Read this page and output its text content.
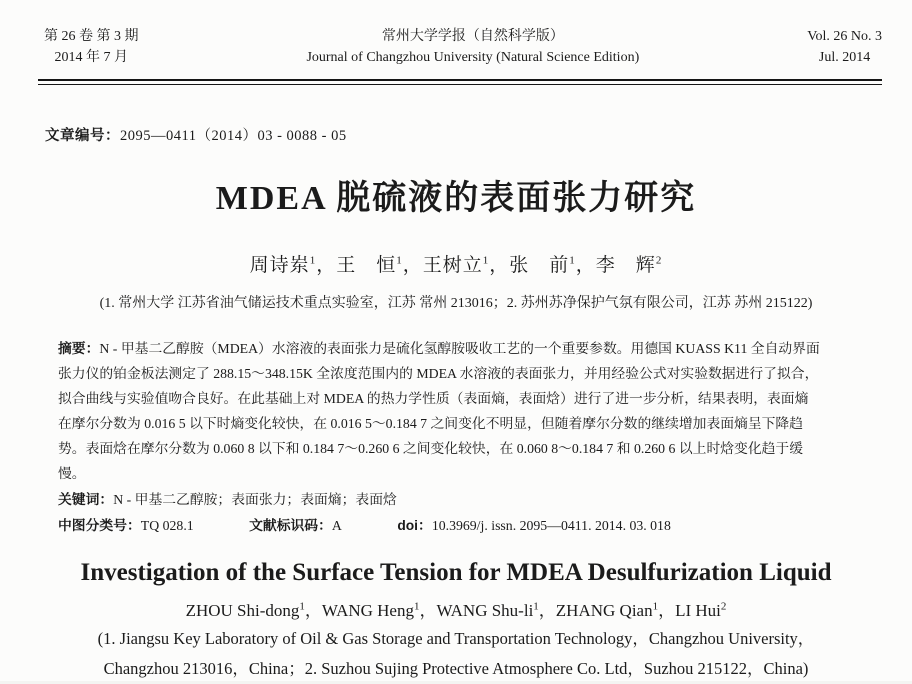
第 26 卷 第 3 期
2014 年 7 月
常州大学学报（自然科学版）
Journal of Changzhou University (Natural Science Edition)
Vol. 26 No. 3
Jul. 2014
文章编号：2095—0411（2014）03 - 0088 - 05
MDEA 脱硫液的表面张力研究
周诗岽$^1$，王　恒$^1$，王树立$^1$，张　前$^1$，李　辉$^2$
(1. 常州大学 江苏省油气储运技术重点实验室，江苏 常州 213016；2. 苏州苏净保护气氛有限公司，江苏 苏州 215122)
摘要：N - 甲基二乙醇胺（MDEA）水溶液的表面张力是硫化氢醇胺吸收工艺的一个重要参数。用德国 KUASS K11 全自动界面
张力仪的铂金板法测定了 288.15～348.15K 全浓度范围内的 MDEA 水溶液的表面张力，并用经验公式对实验数据进行了拟合，
拟合曲线与实验值吻合良好。在此基础上对 MDEA 的热力学性质（表面熵，表面焓）进行了进一步分析，结果表明，表面熵
在摩尔分数为 0.016 5 以下时熵变化较快，在 0.016 5～0.184 7 之间变化不明显，但随着摩尔分数的继续增加表面熵呈下降趋
势。表面焓在摩尔分数为 0.060 8 以下和 0.184 7～0.260 6 之间变化较快，在 0.060 8～0.184 7 和 0.260 6 以上时焓变化趋于缓
慢。
关键词：N - 甲基二乙醇胺；表面张力；表面熵；表面焓
中图分类号：TQ 028.1	文献标识码：A	doi：10.3969/j. issn. 2095—0411. 2014. 03. 018
Investigation of the Surface Tension for MDEA Desulfurization Liquid
ZHOU Shi-dong$^1$，WANG Heng$^1$，WANG Shu-$li^1$，ZHANG Qian$^1$，LI Hui$^2$
(1. Jiangsu Key Laboratory of Oil & Gas Storage and Transportation Technology，Changzhou University，
Changzhou 213016，China；2. Suzhou Sujing Protective Atmosphere Co. Ltd，Suzhou 215122，China)
